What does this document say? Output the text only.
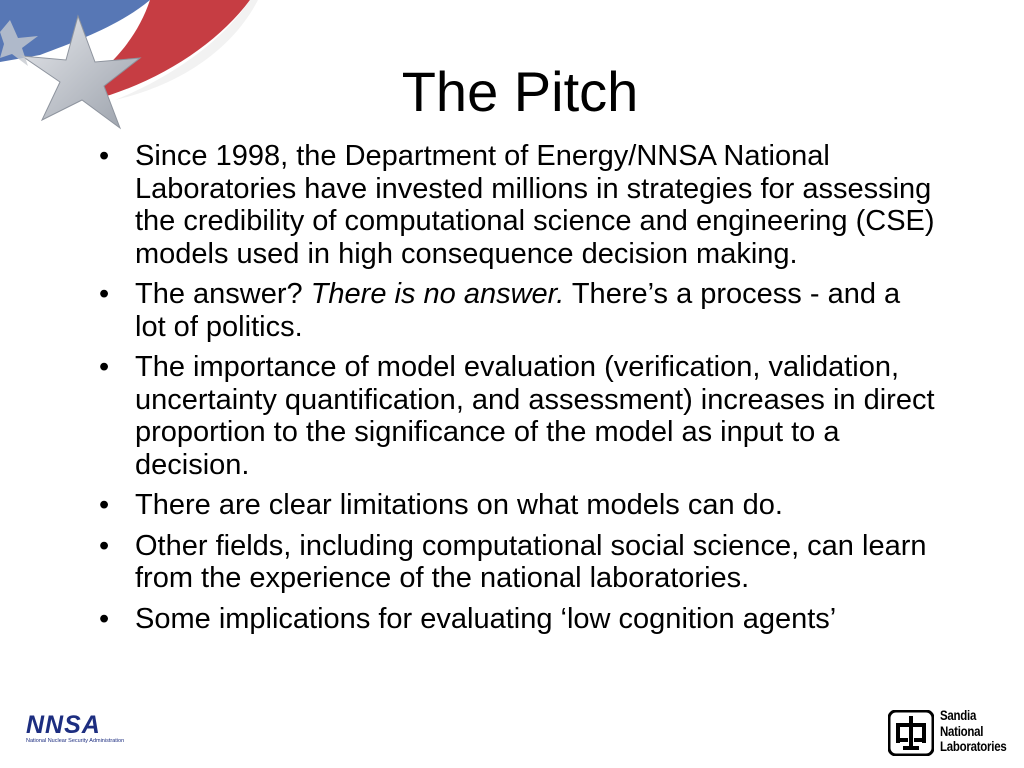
The Pitch
• Since 1998, the Department of Energy/NNSA National Laboratories have invested millions in strategies for assessing the credibility of computational science and engineering (CSE) models used in high consequence decision making.
• The answer? There is no answer. There’s a process - and a lot of politics.
• The importance of model evaluation (verification, validation, uncertainty quantification, and assessment) increases in direct proportion to the significance of the model as input to a decision.
• There are clear limitations on what models can do.
• Other fields, including computational social science, can learn from the experience of the national laboratories.
• Some implications for evaluating ‘low cognition agents’
NNSA
National Nuclear Security Administration
Sandia
National
Laboratories
